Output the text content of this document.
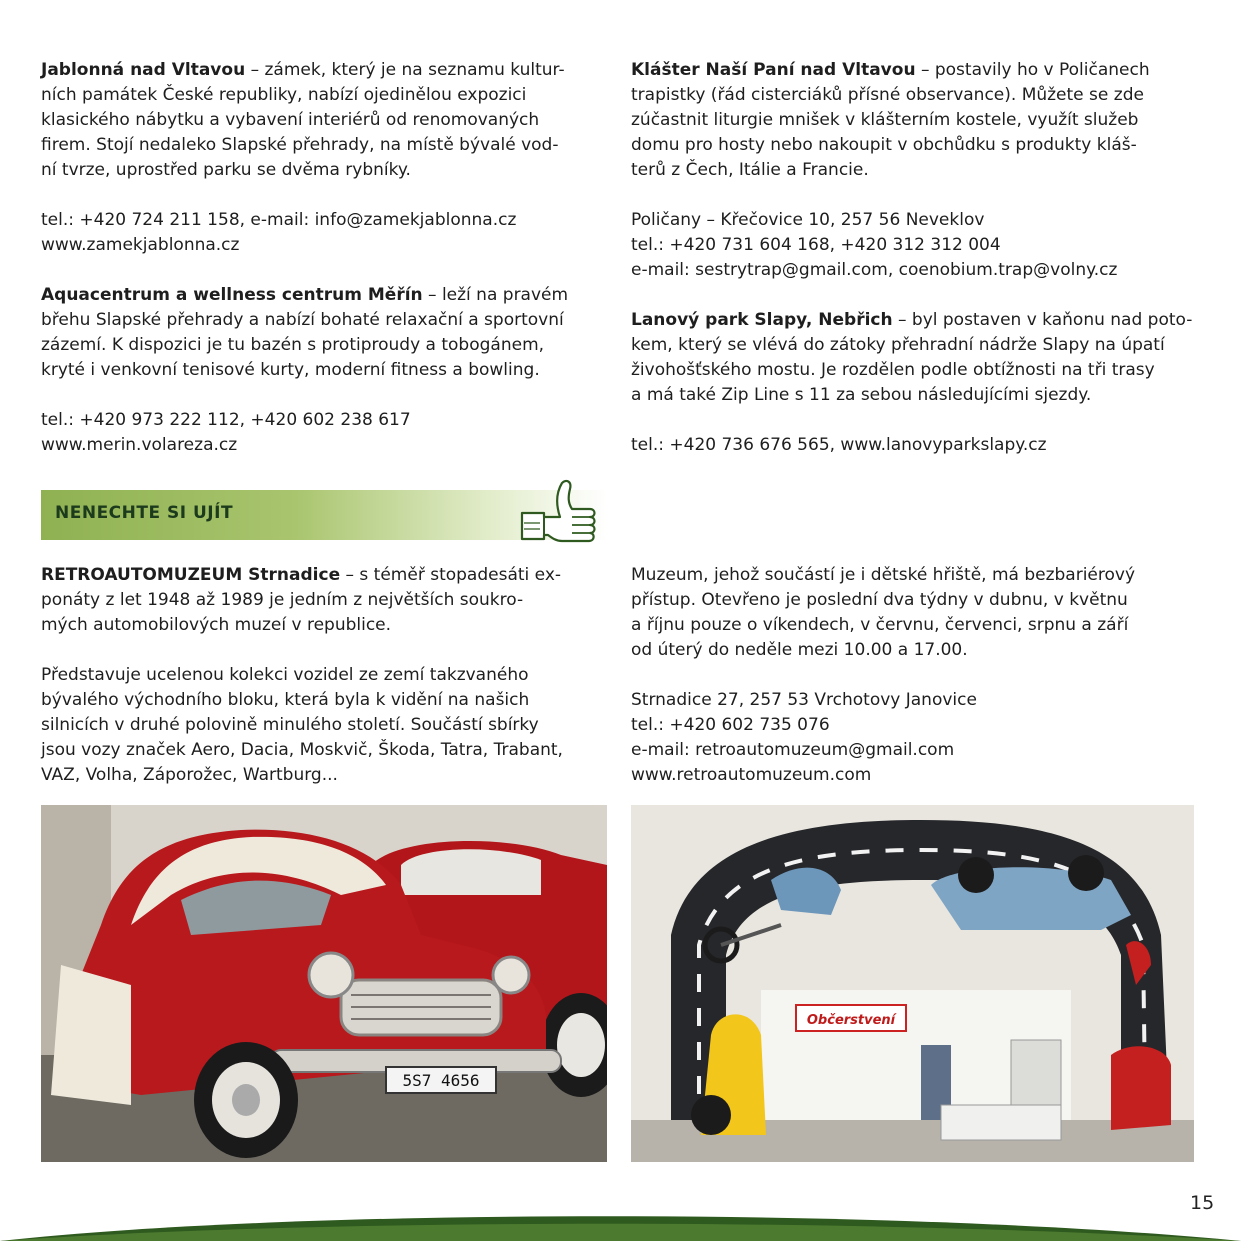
Jablonná nad Vltavou – zámek, který je na seznamu kultur-
ních památek České republiky, nabízí ojedinělou expozici
klasického nábytku a vybavení interiérů od renomovaných
firem. Stojí nedaleko Slapské přehrady, na místě bývalé vod-
ní tvrze, uprostřed parku se dvěma rybníky.

tel.: +420 724 211 158, e-mail: info@zamekjablonna.cz
www.zamekjablonna.cz

Aquacentrum a wellness centrum Měřín – leží na pravém
břehu Slapské přehrady a nabízí bohaté relaxační a sportovní
zázemí. K dispozici je tu bazén s protiproudy a tobogánem,
kryté i venkovní tenisové kurty, moderní fitness a bowling.

tel.: +420 973 222 112, +420 602 238 617
www.merin.volareza.cz

Klášter Naší Paní nad Vltavou – postavily ho v Poličanech
trapistky (řád cisterciáků přísné observance). Můžete se zde
zúčastnit liturgie mnišek v klášterním kostele, využít služeb
domu pro hosty nebo nakoupit v obchůdku s produkty kláš-
terů z Čech, Itálie a Francie.

Poličany – Křečovice 10, 257 56 Neveklov
tel.: +420 731 604 168, +420 312 312 004
e-mail: sestrytrap@gmail.com, coenobium.trap@volny.cz

Lanový park Slapy, Nebřich – byl postaven v kaňonu nad poto-
kem, který se vlévá do zátoky přehradní nádrže Slapy na úpatí
živohošťského mostu. Je rozdělen podle obtížnosti na tři trasy
a má také Zip Line s 11 za sebou následujícími sjezdy.

tel.: +420 736 676 565, www.lanovyparkslapy.cz

NENECHTE SI UJÍT

RETROAUTOMUZEUM Strnadice – s téměř stopadesáti ex-
ponáty z let 1948 až 1989 je jedním z největších soukro-
mých automobilových muzeí v republice.

Představuje ucelenou kolekci vozidel ze zemí takzvaného
bývalého východního bloku, která byla k vidění na našich
silnicích v druhé polovině minulého století. Součástí sbírky
jsou vozy značek Aero, Dacia, Moskvič, Škoda, Tatra, Trabant,
VAZ, Volha, Záporožec, Wartburg...

Muzeum, jehož součástí je i dětské hřiště, má bezbariérový
přístup. Otevřeno je poslední dva týdny v dubnu, v květnu
a říjnu pouze o víkendech, v červnu, červenci, srpnu a září
od úterý do neděle mezi 10.00 a 17.00.

Strnadice 27, 257 53 Vrchotovy Janovice
tel.: +420 602 735 076
e-mail: retroautomuzeum@gmail.com
www.retroautomuzeum.com

5S7 4656
Občerstvení
15
